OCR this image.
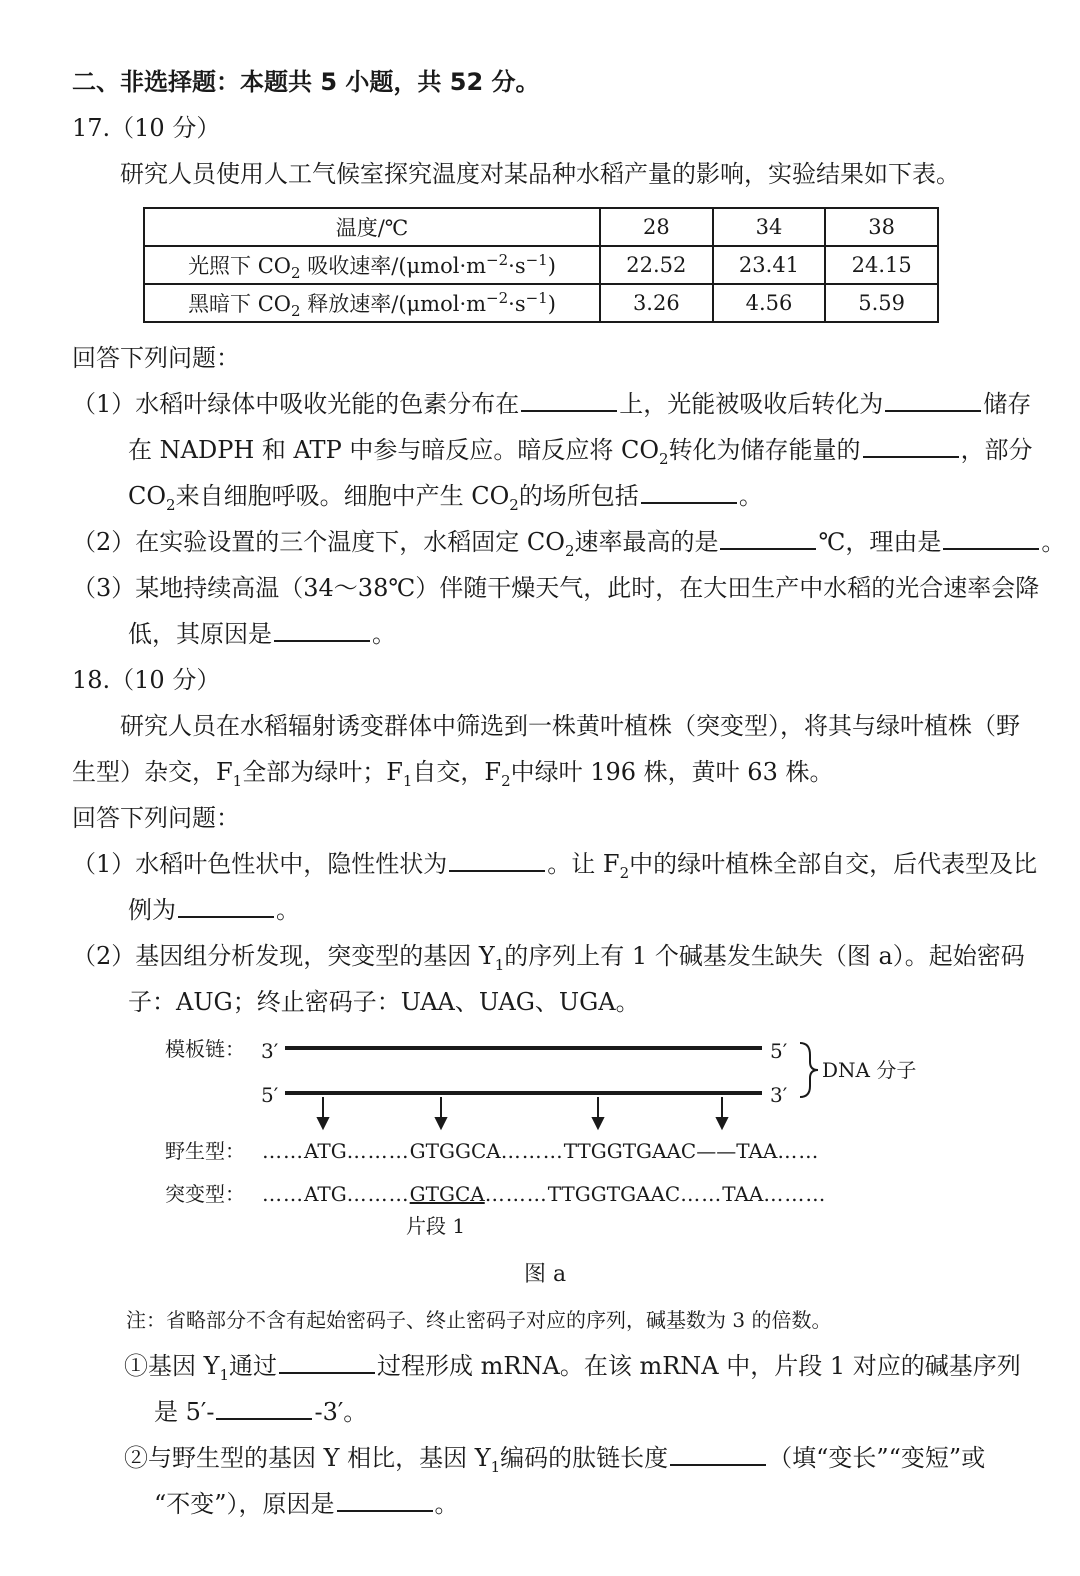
二、非选择题：本题共 5 小题，共 52 分。
17.（10 分）
研究人员使用人工气候室探究温度对某品种水稻产量的影响，实验结果如下表。
温度/℃	28	34	38
光照下 $CO_2$ 吸收速率$/(\mu mol\cdot m^{-2}\cdot s^{-1})$	22.52	23.41	24.15
黑暗下 $CO_2$ 释放速率$/(\mu mol\cdot m^{-2}\cdot s^{-1})$	3.26	4.56	5.59
回答下列问题：
（1）水稻叶绿体中吸收光能的色素分布在	上，光能被吸收后转化为	储存
在 NADPH 和 ATP 中参与暗反应。暗反应将 $CO_2$转化为储存能量的	，部分
$CO_2$来自细胞呼吸。细胞中产生 $CO_2$的场所包括	。
（2）在实验设置的三个温度下，水稻固定 $CO_2$速率最高的是	℃，理由是	。
（3）某地持续高温（34～38℃）伴随干燥天气，此时，在大田生产中水稻的光合速率会降
低，其原因是	。
18.（10 分）
研究人员在水稻辐射诱变群体中筛选到一株黄叶植株（突变型），将其与绿叶植株（野
生型）杂交，$F_1$全部为绿叶；$F_1$自交，$F_2$中绿叶 196 株，黄叶 63 株。
回答下列问题：
（1）水稻叶色性状中，隐性性状为	。让 $F_2$中的绿叶植株全部自交，后代表型及比
例为	。
（2）基因组分析发现，突变型的基因 $Y_1$的序列上有 1 个碱基发生缺失（图 a）。起始密码
子：AUG；终止密码子：UAA、UAG、UGA。
模板链： 3′	5′
5′	3′
DNA 分子
野生型： ……ATG………GTGGCA………TTGGTGAAC——TAA……
突变型： ……ATG………GTGCA………TTGGTGAAC……TAA………
片段 1
图 a
注：省略部分不含有起始密码子、终止密码子对应的序列，碱基数为 3 的倍数。
①基因 $Y_1$通过	过程形成 mRNA。在该 mRNA 中，片段 1 对应的碱基序列
是 5′-	-3′。
②与野生型的基因 Y 相比，基因 $Y_1$编码的肽链长度	（填“变长”“变短”或
“不变”），原因是	。
